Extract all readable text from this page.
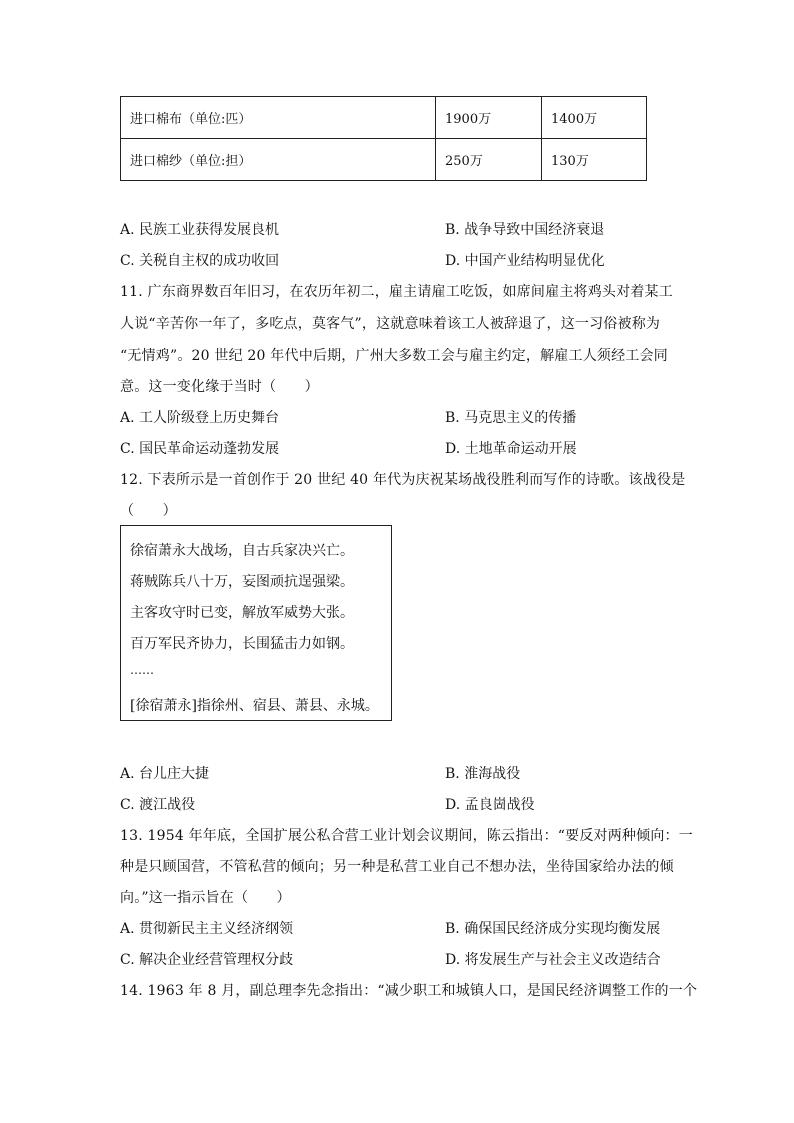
进口棉布（单位:匹）	1900万	1400万
进口棉纱（单位:担）	250万	130万
A. 民族工业获得发展良机	B. 战争导致中国经济衰退
C. 关税自主权的成功收回	D. 中国产业结构明显优化
11. 广东商界数百年旧习，在农历年初二，雇主请雇工吃饭，如席间雇主将鸡头对着某工
人说“辛苦你一年了，多吃点，莫客气”，这就意味着该工人被辞退了，这一习俗被称为
“无情鸡”。20 世纪 20 年代中后期，广州大多数工会与雇主约定，解雇工人须经工会同
意。这一变化缘于当时（　　）
A. 工人阶级登上历史舞台	B. 马克思主义的传播
C. 国民革命运动蓬勃发展	D. 土地革命运动开展
12. 下表所示是一首创作于 20 世纪 40 年代为庆祝某场战役胜利而写作的诗歌。该战役是
（　　）
徐宿萧永大战场，自古兵家决兴亡。
蒋贼陈兵八十万，妄图顽抗逞强梁。
主客攻守时已变，解放军威势大张。
百万军民齐协力，长围猛击力如钢。
……
[徐宿萧永]指徐州、宿县、萧县、永城。
A. 台儿庄大捷	B. 淮海战役
C. 渡江战役	D. 孟良崮战役
13. 1954 年年底，全国扩展公私合营工业计划会议期间，陈云指出：“要反对两种倾向：一
种是只顾国营，不管私营的倾向；另一种是私营工业自己不想办法，坐待国家给办法的倾
向。”这一指示旨在（　　）
A. 贯彻新民主主义经济纲领	B. 确保国民经济成分实现均衡发展
C. 解决企业经营管理权分歧	D. 将发展生产与社会主义改造结合
14. 1963 年 8 月，副总理李先念指出：“减少职工和城镇人口，是国民经济调整工作的一个
